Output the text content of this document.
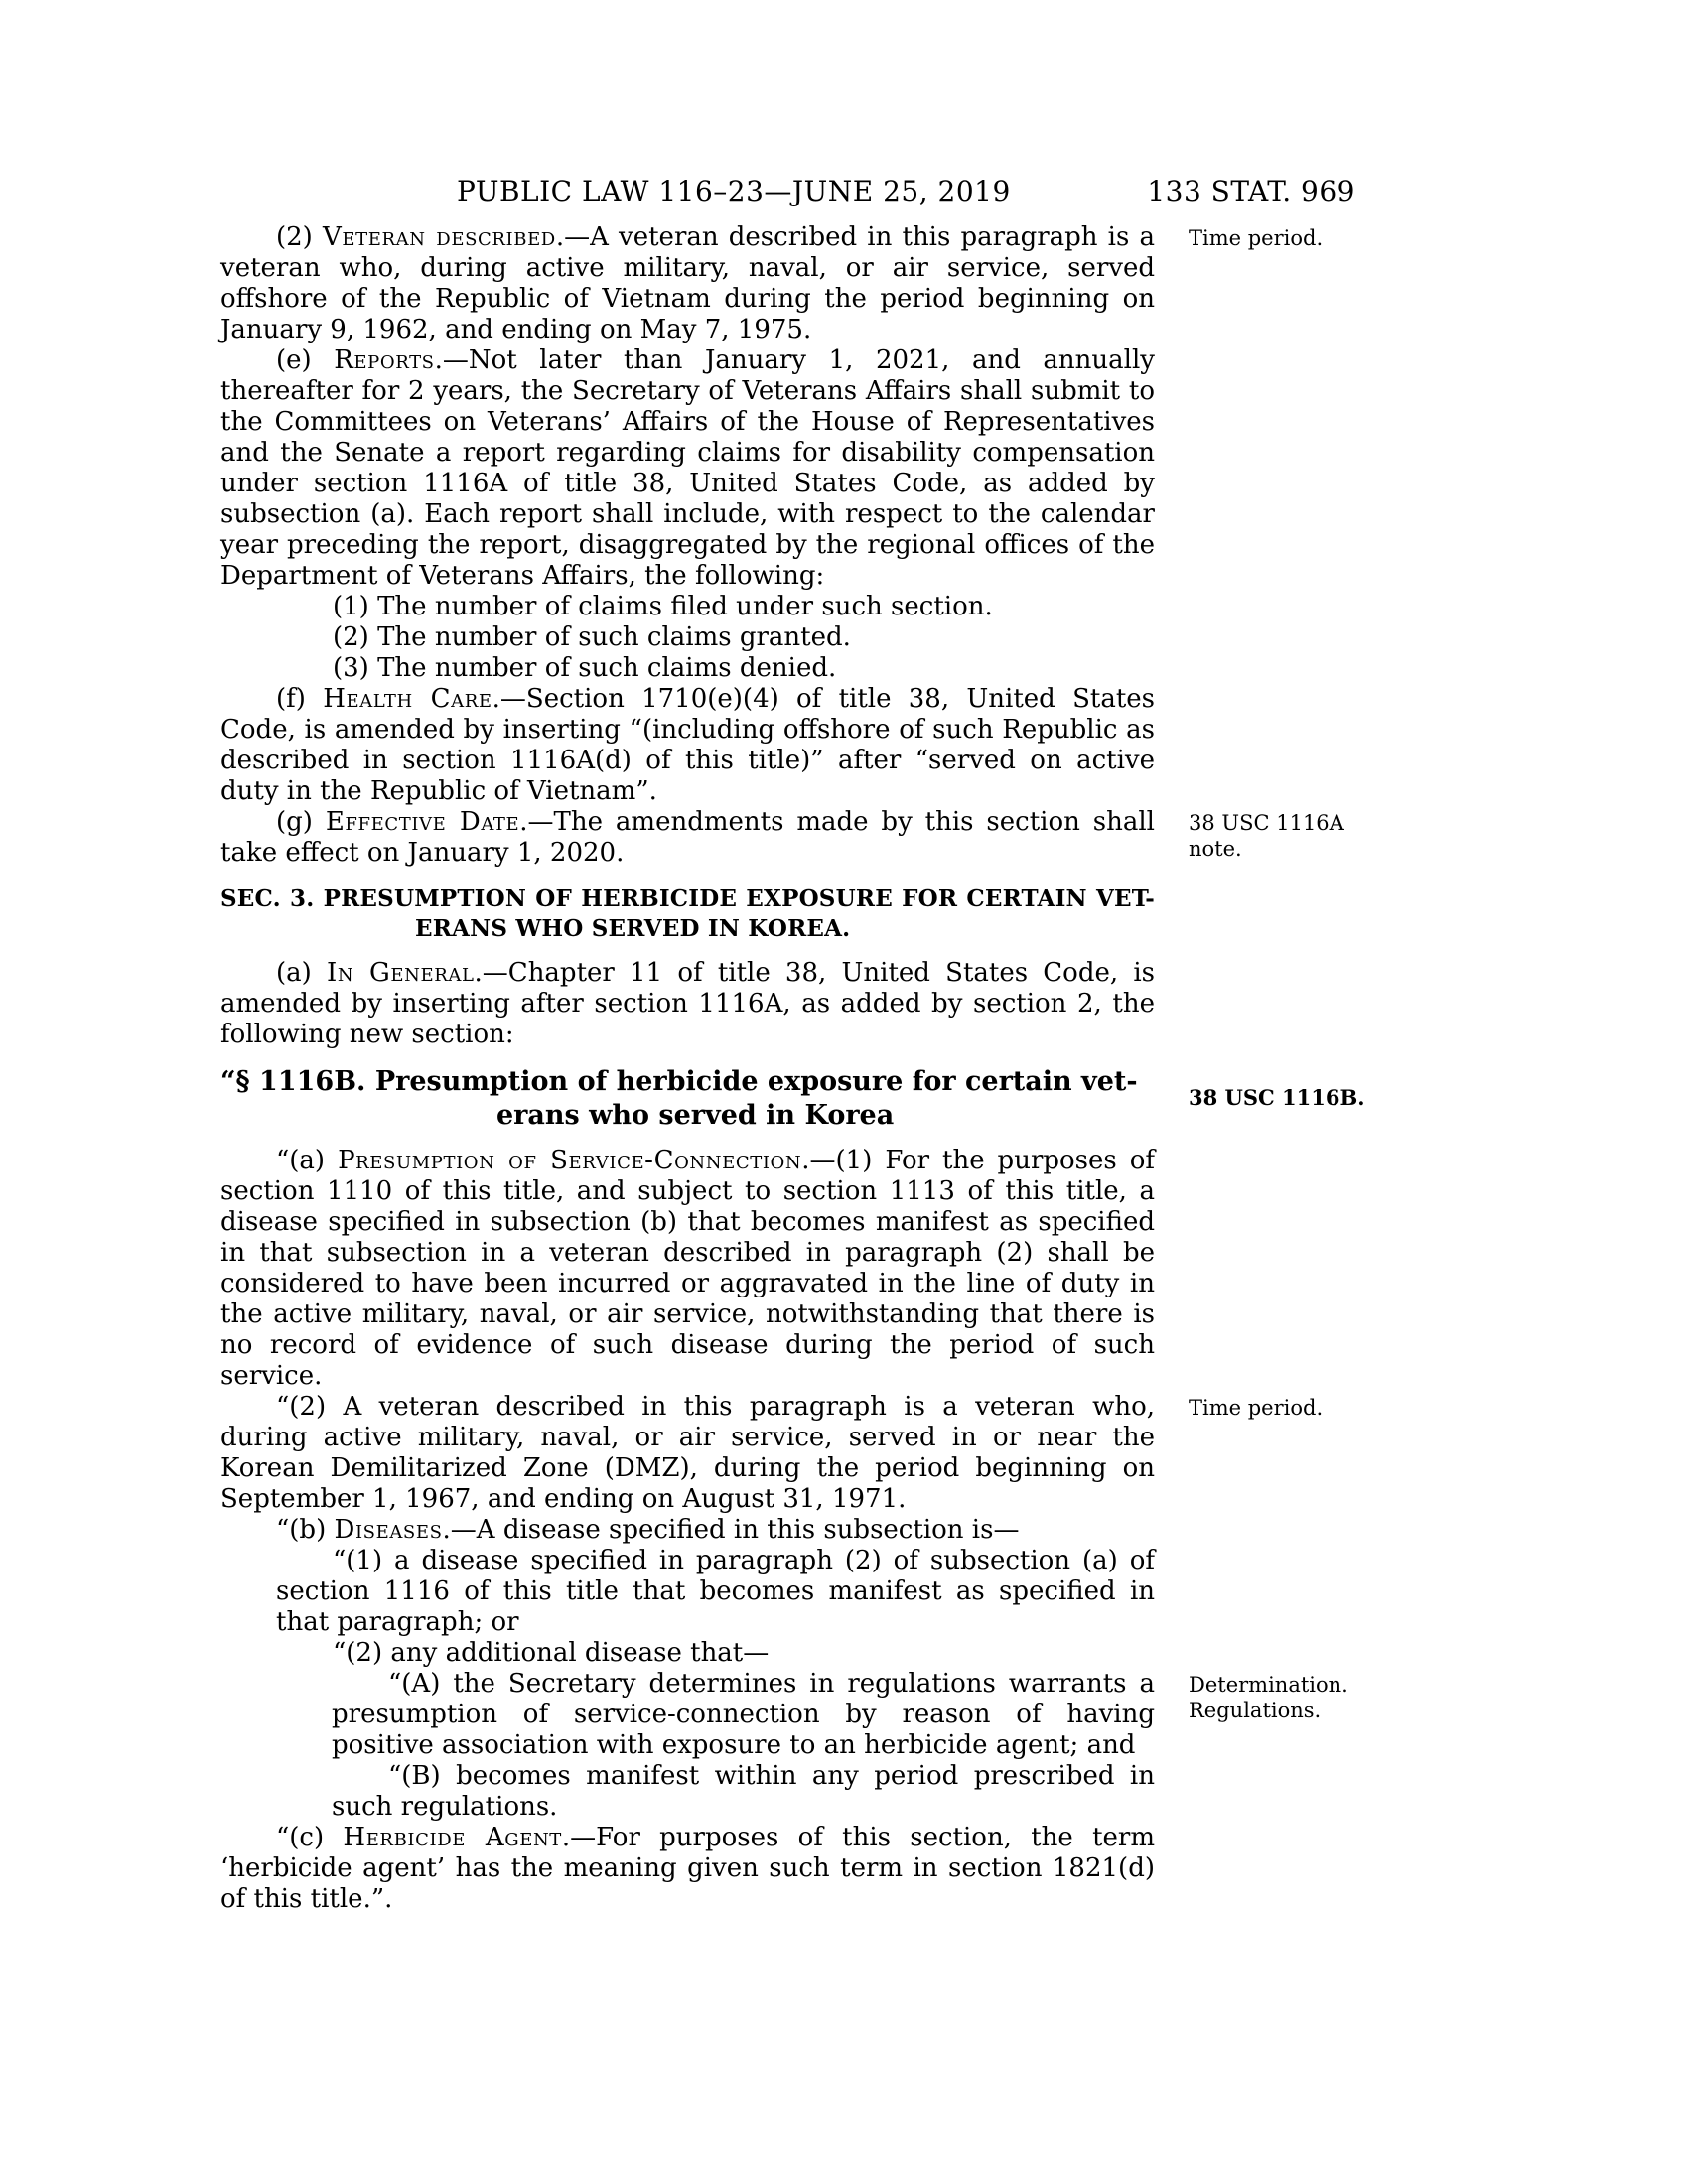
PUBLIC LAW 116–23—JUNE 25, 2019	133 STAT. 969
(2) Veteran described.—A veteran described in this paragraph is a veteran who, during active military, naval, or air service, served offshore of the Republic of Vietnam during the period beginning on January 9, 1962, and ending on May 7, 1975.
Time period.
(e) Reports.—Not later than January 1, 2021, and annually thereafter for 2 years, the Secretary of Veterans Affairs shall submit to the Committees on Veterans’ Affairs of the House of Representatives and the Senate a report regarding claims for disability compensation under section 1116A of title 38, United States Code, as added by subsection (a). Each report shall include, with respect to the calendar year preceding the report, disaggregated by the regional offices of the Department of Veterans Affairs, the following:
(1) The number of claims filed under such section.
(2) The number of such claims granted.
(3) The number of such claims denied.
(f) Health Care.—Section 1710(e)(4) of title 38, United States Code, is amended by inserting “(including offshore of such Republic as described in section 1116A(d) of this title)” after “served on active duty in the Republic of Vietnam”.
(g) Effective Date.—The amendments made by this section shall take effect on January 1, 2020.
38 USC 1116A
note.
SEC. 3. PRESUMPTION OF HERBICIDE EXPOSURE FOR CERTAIN VET-
ERANS WHO SERVED IN KOREA.
(a) In General.—Chapter 11 of title 38, United States Code, is amended by inserting after section 1116A, as added by section 2, the following new section:
“§ 1116B. Presumption of herbicide exposure for certain vet-
erans who served in Korea
38 USC 1116B.
“(a) Presumption of Service-Connection.—(1) For the purposes of section 1110 of this title, and subject to section 1113 of this title, a disease specified in subsection (b) that becomes manifest as specified in that subsection in a veteran described in paragraph (2) shall be considered to have been incurred or aggravated in the line of duty in the active military, naval, or air service, notwithstanding that there is no record of evidence of such disease during the period of such service.
“(2) A veteran described in this paragraph is a veteran who, during active military, naval, or air service, served in or near the Korean Demilitarized Zone (DMZ), during the period beginning on September 1, 1967, and ending on August 31, 1971.
Time period.
“(b) Diseases.—A disease specified in this subsection is—
“(1) a disease specified in paragraph (2) of subsection (a) of section 1116 of this title that becomes manifest as specified in that paragraph; or
“(2) any additional disease that—
“(A) the Secretary determines in regulations warrants a presumption of service-connection by reason of having positive association with exposure to an herbicide agent; and
Determination.
Regulations.
“(B) becomes manifest within any period prescribed in such regulations.
“(c) Herbicide Agent.—For purposes of this section, the term ‘herbicide agent’ has the meaning given such term in section 1821(d) of this title.”.
